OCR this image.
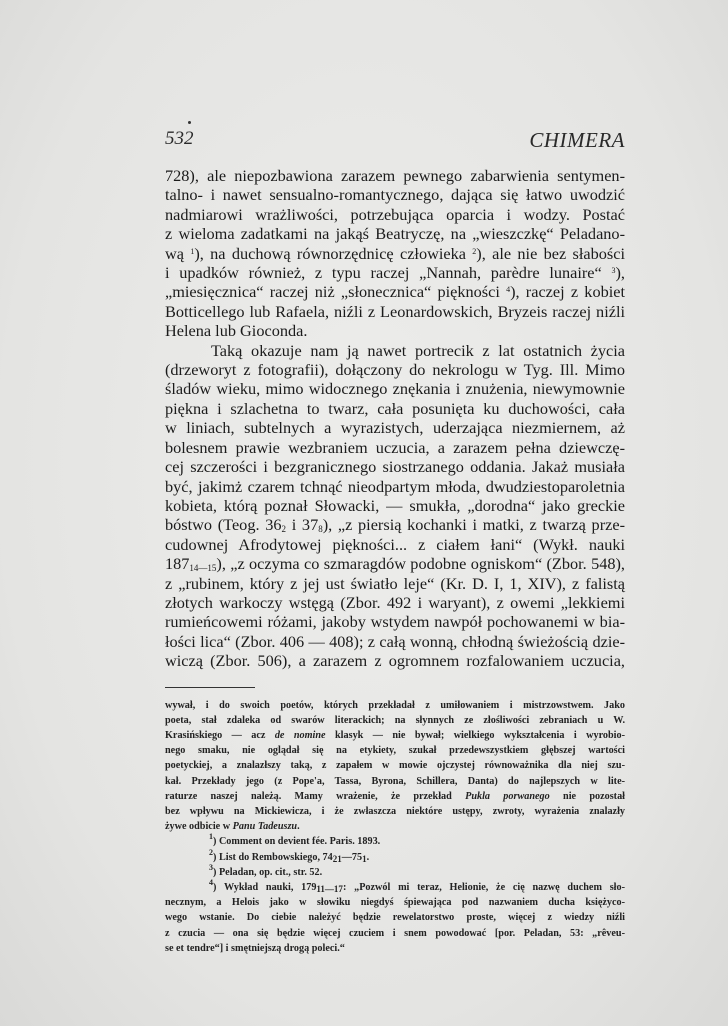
532	CHIMERA

728), ale niepozbawiona zarazem pewnego zabarwienia sentymen-
talno- i nawet sensualno-romantycznego, dająca się łatwo uwodzić
nadmiarowi wrażliwości, potrzebująca oparcia i wodzy. Postać
z wieloma zadatkami na jakąś Beatryczę, na „wieszczkę“ Peladano-
wą $^1$), na duchową równorzędnicę człowieka $^2$), ale nie bez słabości
i upadków również, z typu raczej „Nannah, parèdre lunaire“ $^3$),
„miesięcznica“ raczej niż „słonecznica“ piękności $^4$), raczej z kobiet
Botticellego lub Rafaela, niźli z Leonardowskich, Bryzeis raczej niźli
Helena lub Gioconda.

Taką okazuje nam ją nawet portrecik z lat ostatnich życia
(drzeworyt z fotografii), dołączony do nekrologu w Tyg. Ill. Mimo
śladów wieku, mimo widocznego znękania i znużenia, niewymownie
piękna i szlachetna to twarz, cała posunięta ku duchowości, cała
w liniach, subtelnych a wyrazistych, uderzająca niezmiernem, aż
bolesnem prawie wezbraniem uczucia, a zarazem pełna dziewczę-
cej szczerości i bezgranicznego siostrzanego oddania. Jakaż musiała
być, jakimż czarem tchnąć nieodpartym młoda, dwudziestoparoletnia
kobieta, którą poznał Słowacki, — smukła, „dorodna“ jako greckie
bóstwo (Teog. $36_2$ i $37_8$), „z piersią kochanki i matki, z twarzą prze-
cudownej Afrodytowej piękności... z ciałem łani“ (Wykł. nauki
$187_{14—15}$), „z oczyma co szmaragdów podobne ogniskom“ (Zbor. 548),
z „rubinem, który z jej ust światło leje“ (Kr. D. I, 1, XIV), z falistą
złotych warkoczy wstęgą (Zbor. 492 i waryant), z owemi „lekkiemi
rumieńcowemi różami, jakoby wstydem nawpół pochowanemi w bia-
łości lica“ (Zbor. 406 — 408); z całą wonną, chłodną świeżością dzie-
wiczą (Zbor. 506), a zarazem z ogromnem rozfalowaniem uczucia,

wywał, i do swoich poetów, których przekładał z umiłowaniem i mistrzowstwem. Jako
poeta, stał zdaleka od swarów literackich; na słynnych ze złośliwości zebraniach u W.
Krasińskiego — acz de nomine klasyk — nie bywał; wielkiego wykształcenia i wyrobio-
nego smaku, nie oglądał się na etykiety, szukał przedewszystkiem głębszej wartości
poetyckiej, a znalazłszy taką, z zapałem w mowie ojczystej równoważnika dla niej szu-
kał. Przekłady jego (z Pope'a, Tassa, Byrona, Schillera, Danta) do najlepszych w lite-
raturze naszej należą. Mamy wrażenie, że przekład Pukla porwanego nie pozostał
bez wpływu na Mickiewicza, i że zwłaszcza niektóre ustępy, zwroty, wyrażenia znalazły
żywe odbicie w Panu Tadeuszu.
$^1$) Comment on devient fée. Paris. 1893.
$^2$) List do Rembowskiego, $74_{21}—75_1$.
$^3$) Peladan, op. cit., str. 52.
$^4$) Wykład nauki, $179_{11—17}$: „Pozwól mi teraz, Helionie, że cię nazwę duchem sło-
necznym, a Helois jako w słowiku niegdyś śpiewająca pod nazwaniem ducha księżyco-
wego wstanie. Do ciebie należyć będzie rewelatorstwo proste, więcej z wiedzy niźli
z czucia — ona się będzie więcej czuciem i snem powodować [por. Peladan, 53: „rêveu-
se et tendre“] i smętniejszą drogą poleci.“
